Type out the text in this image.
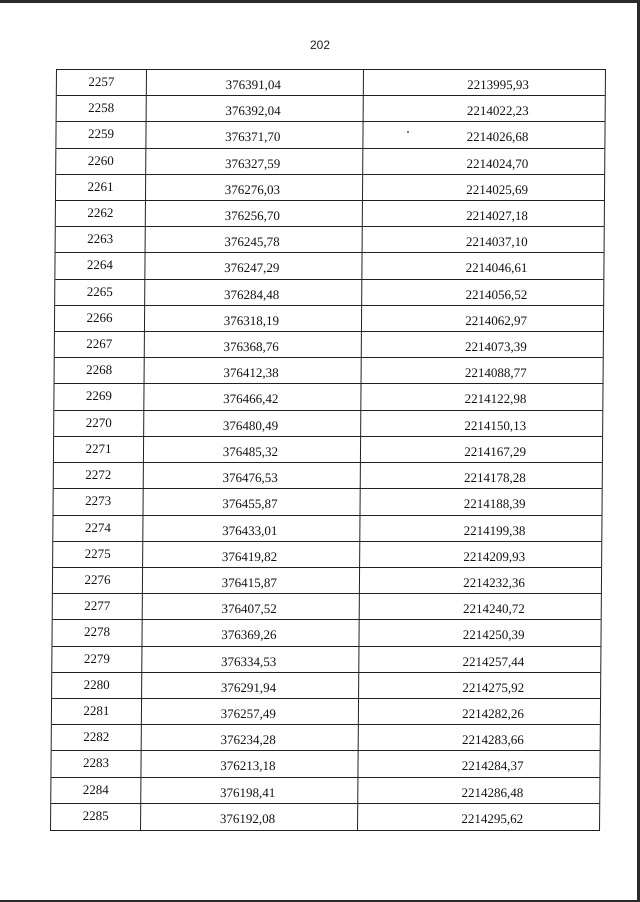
202
2257	376391,04	2213995,93
2258	376392,04	2214022,23
2259	376371,70	2214026,68
2260	376327,59	2214024,70
2261	376276,03	2214025,69
2262	376256,70	2214027,18
2263	376245,78	2214037,10
2264	376247,29	2214046,61
2265	376284,48	2214056,52
2266	376318,19	2214062,97
2267	376368,76	2214073,39
2268	376412,38	2214088,77
2269	376466,42	2214122,98
2270	376480,49	2214150,13
2271	376485,32	2214167,29
2272	376476,53	2214178,28
2273	376455,87	2214188,39
2274	376433,01	2214199,38
2275	376419,82	2214209,93
2276	376415,87	2214232,36
2277	376407,52	2214240,72
2278	376369,26	2214250,39
2279	376334,53	2214257,44
2280	376291,94	2214275,92
2281	376257,49	2214282,26
2282	376234,28	2214283,66
2283	376213,18	2214284,37
2284	376198,41	2214286,48
2285	376192,08	2214295,62
